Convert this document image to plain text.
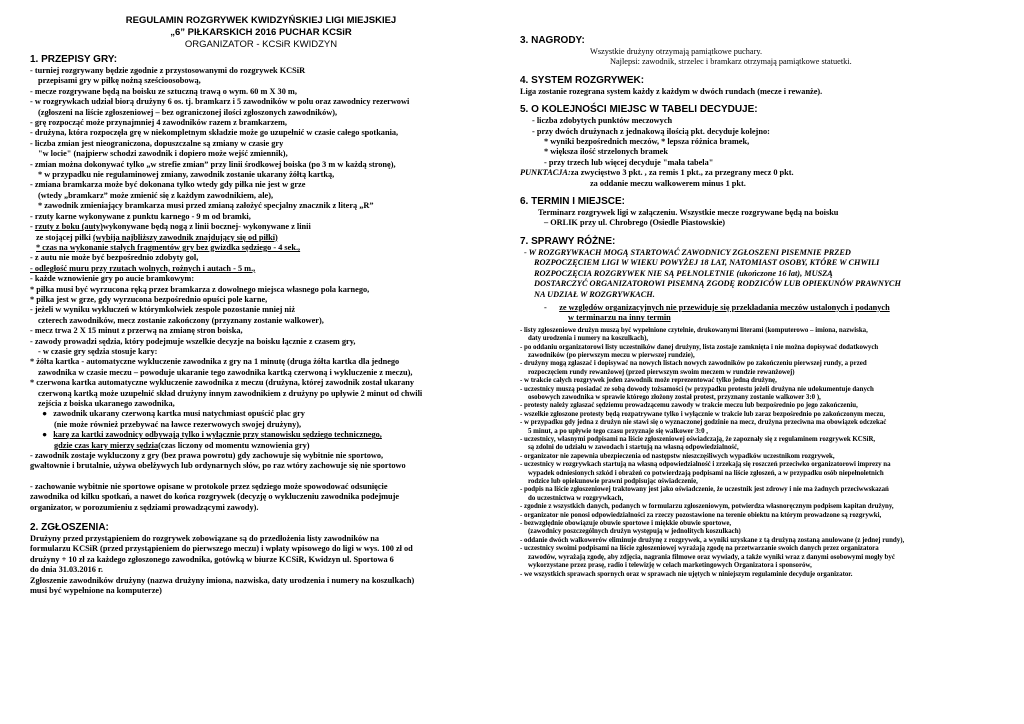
REGULAMIN ROZGRYWEK KWIDZYŃSKIEJ LIGI MIEJSKIEJ
„6” PIŁKARSKICH 2016 PUCHAR KCSiR
ORGANIZATOR - KCSiR KWIDZYN
1. PRZEPISY GRY:
- turniej rozgrywany będzie zgodnie z przystosowanymi do rozgrywek KCSiR
przepisami gry w piłkę nożną sześcioosobową,
- mecze rozgrywane będą na boisku ze sztuczną trawą o wym. 60 m X 30 m,
- w rozgrywkach udział biorą drużyny 6 os. tj. bramkarz i 5 zawodników w polu oraz zawodnicy rezerwowi
(zgłoszeni na liście zgłoszeniowej – bez ograniczonej ilości zgłoszonych zawodników),
- grę rozpocząć może przynajmniej 4 zawodników razem z bramkarzem,
- drużyna, która rozpoczęła grę w niekompletnym składzie może go uzupełnić w czasie całego spotkania,
- liczba zmian jest nieograniczona, dopuszczalne są zmiany w czasie gry
"w locie" (najpierw schodzi zawodnik i dopiero może wejść zmiennik),
- zmian można dokonywać tylko „w strefie zmian” przy linii środkowej boiska (po 3 m w każdą stronę),
* w przypadku nie regulaminowej zmiany, zawodnik zostanie ukarany żółtą kartką,
- zmiana bramkarza może być dokonana tylko wtedy gdy piłka nie jest w grze
(wtedy „bramkarz” może zmienić się z każdym zawodnikiem, ale),
* zawodnik zmieniający bramkarza musi przed zmianą założyć specjalny znacznik z literą „R”
- rzuty karne wykonywane z punktu karnego - 9 m od bramki,
- rzuty z boku (auty)wykonywane będą nogą z linii bocznej- wykonywane z linii
ze stojącej piłki (wybija najbliższy zawodnik znajdujący się od piłki)
* czas na wykonanie stałych fragmentów gry bez gwizdka sędziego - 4 sek.,
- z autu nie może być bezpośrednio zdobyty gol,
- odległość muru przy rzutach wolnych, rożnych i autach - 5 m.,
- każde wznowienie gry po aucie bramkowym:
* piłka musi być wyrzucona ręką przez bramkarza z dowolnego miejsca własnego pola karnego,
* piłka jest w grze, gdy wyrzucona bezpośrednio opuści pole karne,
- jeżeli w wyniku wykluczeń w którymkolwiek zespole pozostanie mniej niż
czterech zawodników, mecz zostanie zakończony (przyznany zostanie walkower),
- mecz trwa 2 X 15 minut z przerwą na zmianę stron boiska,
- zawody prowadzi sędzia, który podejmuje wszelkie decyzje na boisku łącznie z czasem gry,
- w czasie gry sędzia stosuje kary:
* żółta kartka - automatyczne wykluczenie zawodnika z gry na 1 minutę (druga żółta kartka dla jednego
zawodnika w czasie meczu – powoduje ukaranie tego zawodnika kartką czerwoną i wykluczenie z meczu),
* czerwona kartka automatyczne wykluczenie zawodnika z meczu (drużyna, której zawodnik został ukarany
czerwoną kartką może uzupełnić skład drużyny innym zawodnikiem z drużyny po upływie 2 minut od chwili
zejścia z boiska ukaranego zawodnika,
●   zawodnik ukarany czerwoną kartka musi natychmiast opuścić plac gry
(nie może również przebywać na ławce rezerwowych swojej drużyny),
●   karę za kartki zawodnicy odbywają tylko i wyłącznie przy stanowisku sędziego technicznego,
gdzie czas kary mierzy sędzia(czas liczony od momentu wznowienia gry)
- zawodnik zostaje wykluczony z gry (bez prawa powrotu) gdy zachowuje się wybitnie nie sportowo,
gwałtownie i brutalnie, używa obelżywych lub ordynarnych słów, po raz wtóry zachowuje się nie sportowo
- zachowanie wybitnie nie sportowe opisane w protokole przez sędziego może spowodować odsunięcie
zawodnika od kilku spotkań, a nawet do końca rozgrywek (decyzję o wykluczeniu zawodnika podejmuje
organizator, w porozumieniu z sędziami prowadzącymi zawody).
2. ZGŁOSZENIA:
Drużyny przed przystąpieniem do rozgrywek zobowiązane są do przedłożenia listy zawodników na
formularzu KCSiR (przed przystąpieniem do pierwszego meczu) i wpłaty wpisowego do ligi w wys. 100 zł od
drużyny + 10 zł za każdego zgłoszonego zawodnika, gotówką w biurze KCSiR, Kwidzyn ul. Sportowa 6
do dnia 31.03.2016 r.
Zgłoszenie zawodników drużyny (nazwa drużyny imiona, nazwiska, daty urodzenia i numery na koszulkach)
musi być wypełnione na komputerze)
3. NAGRODY:
Wszystkie drużyny otrzymają pamiątkowe puchary.
Najlepsi: zawodnik, strzelec i bramkarz otrzymają pamiątkowe statuetki.
4. SYSTEM ROZGRYWEK:
Liga zostanie rozegrana system każdy z każdym w dwóch rundach (mecze i rewanże).
5. O KOLEJNOŚCI MIEJSC W TABELI DECYDUJE:
- liczba zdobytych punktów meczowych
- przy dwóch drużynach z jednakową ilością pkt. decyduje kolejno:
* wyniki bezpośrednich meczów, * lepsza różnica bramek,
* większa ilość strzelonych bramek
- przy trzech lub więcej decyduje "mała tabela"
PUNKTACJA:za zwycięstwo 3 pkt. , za remis 1 pkt., za przegrany mecz 0 pkt.
za oddanie meczu walkowerem minus 1 pkt.
6. TERMIN I MIEJSCE:
Terminarz rozgrywek ligi w załączeniu. Wszystkie mecze rozgrywane będą na boisku
– ORLIK przy ul. Chrobrego (Osiedle Piastowskie)
7. SPRAWY RÓŻNE:
- W ROZGRYWKACH MOGĄ STARTOWAĆ ZAWODNICY ZGŁOSZENI PISEMNIE PRZED
ROZPOCZĘCIEM LIGI W WIEKU POWYŻEJ 18 LAT, NATOMIAST OSOBY, KTÓRE W CHWILI
ROZPOCZĘCIA ROZGRYWEK NIE SĄ PEŁNOLETNIE (ukończone 16 lat), MUSZĄ
DOSTARCZYĆ ORGANIZATOROWI PISEMNĄ ZGODĘ RODZICÓW LUB OPIEKUNÓW PRAWNYCH
NA UDZIAŁ W ROZGRYWKACH.
-      ze względów organizacyjnych nie przewiduje się przekładania meczów ustalonych i podanych
w terminarzu na inny termin
- listy zgłoszeniowe drużyn muszą być wypełnione czytelnie, drukowanymi literami (komputerowo – imiona, nazwiska,
daty urodzenia i numery na koszulkach),
- po oddaniu organizatorowi listy uczestników danej drużyny, lista zostaje zamknięta i nie można dopisywać dodatkowych
zawodników (po pierwszym meczu w pierwszej rundzie),
- drużyny mogą zgłaszać i dopisywać na nowych listach nowych zawodników po zakończeniu pierwszej rundy, a przed
rozpoczęciem rundy rewanżowej (przed pierwszym swoim meczem w rundzie rewanżowej)
- w trakcie całych rozgrywek jeden zawodnik może reprezentować tylko jedną drużynę,
- uczestnicy muszą posiadać ze sobą dowody tożsamości (w przypadku protestu jeżeli drużyna nie udokumentuje danych
osobowych zawodnika w sprawie którego złożony został protest, przyznany zostanie walkower 3:0 ),
- protesty należy zgłaszać sędziemu prowadzącemu zawody w trakcie meczu lub bezpośrednio po jego zakończeniu,
- wszelkie zgłoszone protesty będą rozpatrywane tylko i wyłącznie w trakcie lub zaraz bezpośrednio po zakończonym meczu,
- w przypadku gdy jedna z drużyn nie stawi się o wyznaczonej godzinie na mecz, drużyna przeciwna ma obowiązek odczekać
5 minut, a po upływie tego czasu przyznaje się walkower 3:0 ,
- uczestnicy, własnymi podpisami na liście zgłoszeniowej oświadczają, że zapoznały się z regulaminem rozgrywek KCSiR,
są zdolni do udziału w zawodach i startują na własną odpowiedzialność,
- organizator nie zapewnia ubezpieczenia od następstw nieszczęśliwych wypadków uczestnikom rozgrywek,
- uczestnicy w rozgrywkach startują na własną odpowiedzialność i zrzekają się roszczeń przeciwko organizatorowi imprezy na
wypadek odniesionych szkód i obrażeń co potwierdzają podpisami na liście zgłoszeń, a w przypadku osób niepełnoletnich
rodzice lub opiekunowie prawni podpisując oświadczenie,
- podpis na liście zgłoszeniowej traktowany jest jako oświadczenie, że uczestnik jest zdrowy i nie ma żadnych przeciwwskazań
do uczestnictwa w rozgrywkach,
- zgodnie z wszystkich danych, podanych w formularzu zgłoszeniowym, potwierdza własnoręcznym podpisem kapitan drużyny,
- organizator nie ponosi odpowiedzialności za rzeczy pozostawione na terenie obiektu na którym prowadzone są rozgrywki,
- bezwzględnie obowiązuje obuwie sportowe i miękkie obuwie sportowe,
(zawodnicy poszczególnych drużyn występują w jednolitych koszulkach)
- oddanie dwóch walkowerów eliminuje drużynę z rozgrywek, a wyniki uzyskane z tą drużyną zostaną anulowane (z jednej rundy),
- uczestnicy swoimi podpisami na liście zgłoszeniowej wyrażają zgodę na przetwarzanie swoich danych przez organizatora
zawodów, wyrażają zgodę, aby zdjęcia, nagrania filmowe oraz wywiady, a także wyniki wraz z danymi osobowymi mogły być
wykorzystane przez prasę, radio i telewizję w celach marketingowych Organizatora i sponsorów,
- we wszystkich sprawach spornych oraz w sprawach nie ujętych w niniejszym regulaminie decyduje organizator.
